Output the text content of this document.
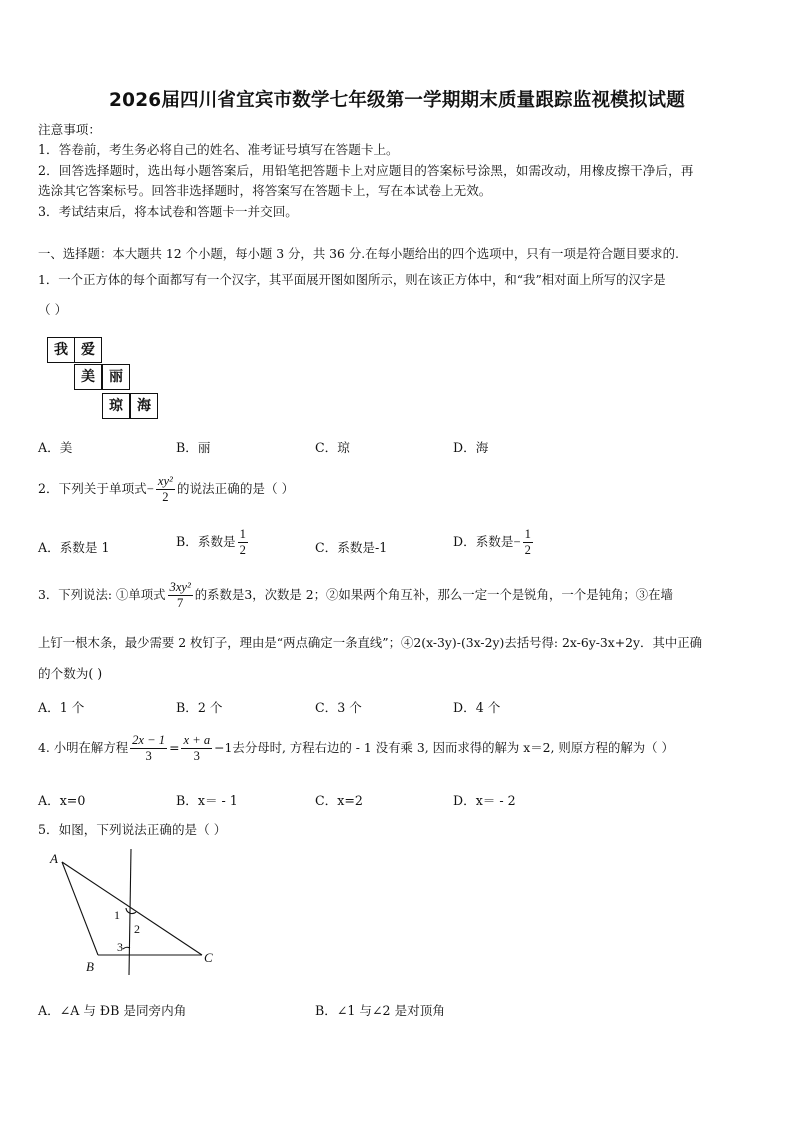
2026届四川省宜宾市数学七年级第一学期期末质量跟踪监视模拟试题
注意事项：
1．答卷前，考生务必将自己的姓名、准考证号填写在答题卡上。
2．回答选择题时，选出每小题答案后，用铅笔把答题卡上对应题目的答案标号涂黑，如需改动，用橡皮擦干净后，再
选涂其它答案标号。回答非选择题时，将答案写在答题卡上，写在本试卷上无效。
3．考试结束后，将本试卷和答题卡一并交回。
一、选择题：本大题共 12 个小题，每小题 3 分，共 36 分.在每小题给出的四个选项中，只有一项是符合题目要求的.
1．一个正方体的每个面都写有一个汉字，其平面展开图如图所示，则在该正方体中，和“我”相对面上所写的汉字是
（ ）
我 爱
美	丽
琼	海
A．美	B．丽	C．琼	D．海
2．下列关于单项式− $\frac{\text{xy²}}{2}$ 的说法正确的是（ ）
A．系数是 1	B．系数是 $\frac{1}{2}$	C．系数是-1	D．系数是− $\frac{1}{2}$
3．下列说法: ①单项式 $\frac{\text{3xy²}}{7}$ 的系数是3，次数是 2；②如果两个角互补，那么一定一个是锐角，一个是钝角；③在墙
上钉一根木条，最少需要 2 枚钉子，理由是“两点确定一条直线”；④2(x-3y)-(3x-2y)去括号得: 2x-6y-3x+2y．其中正确
的个数为( )
A．1 个	B．2 个	C．3 个	D．4 个
4. 小明在解方程 $\frac{2x - 1}{3} = \frac{x + a}{3} -1$去分母时, 方程右边的 - 1 没有乘 3, 因而求得的解为 x＝2, 则原方程的解为（ ）
A．x=0	B．x＝ - 1	C．x=2	D．x＝ - 2
5．如图，下列说法正确的是（ ）
A
B
C
1
2
3
A．∠A 与 ÐB 是同旁内角	B．∠1 与∠2 是对顶角
